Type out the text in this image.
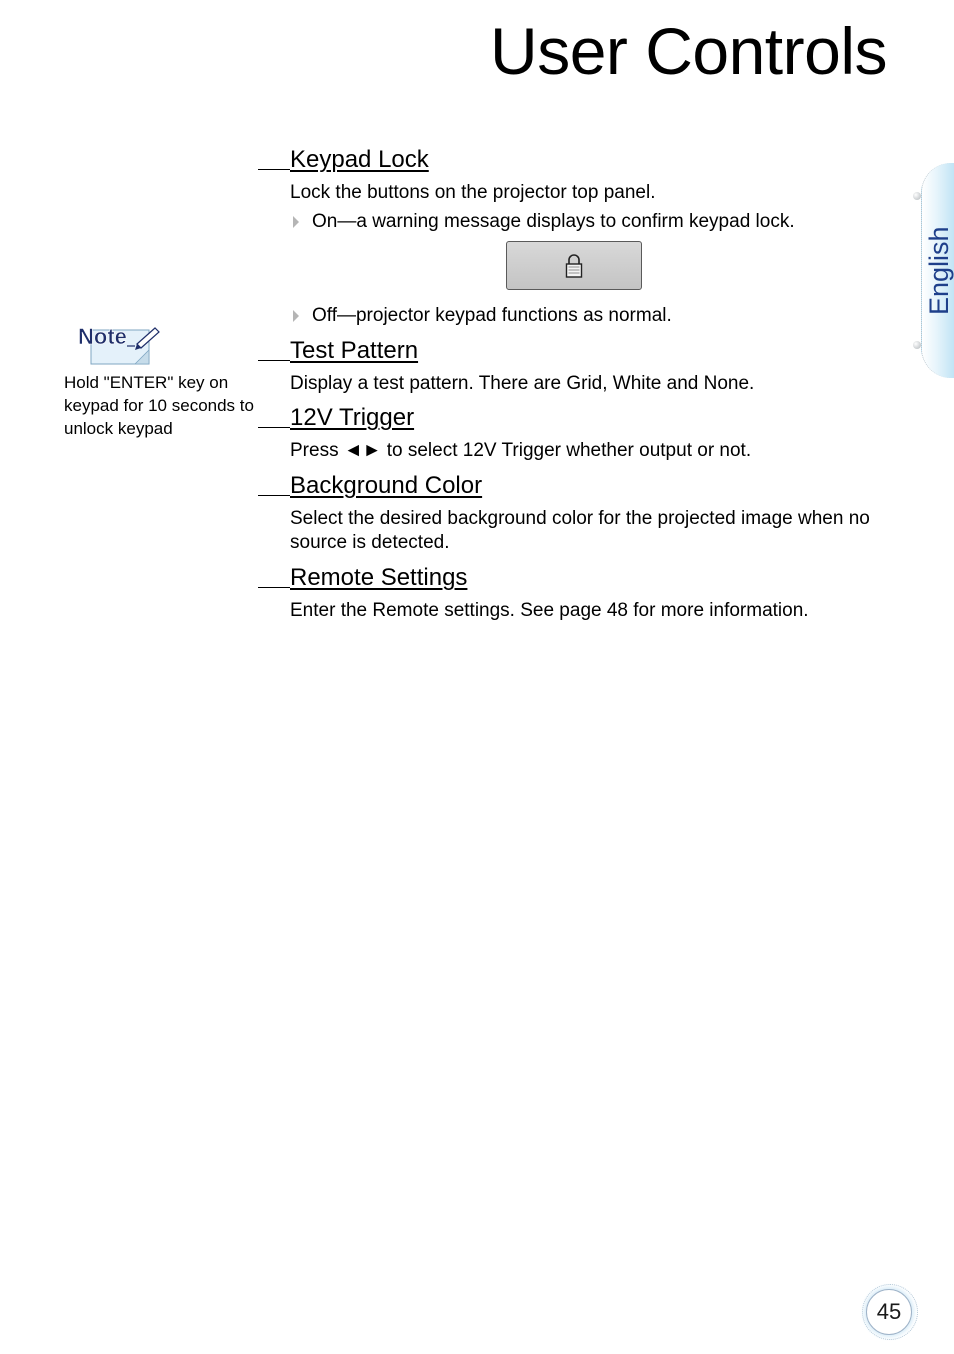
User Controls
English
Keypad Lock

Lock the buttons on the projector top panel.

On—a warning message displays to confirm keypad lock.
Off—projector keypad functions as normal.
Test Pattern

Display a test pattern. There are Grid, White and None.

12V Trigger

Press ◄► to select 12V Trigger whether output or not.

Background Color

Select the desired background color for the projected image when no source is detected.

Remote Settings

Enter the Remote settings. See page 48 for more information.

Note

Hold "ENTER" key on keypad for 10 seconds to unlock keypad

45
